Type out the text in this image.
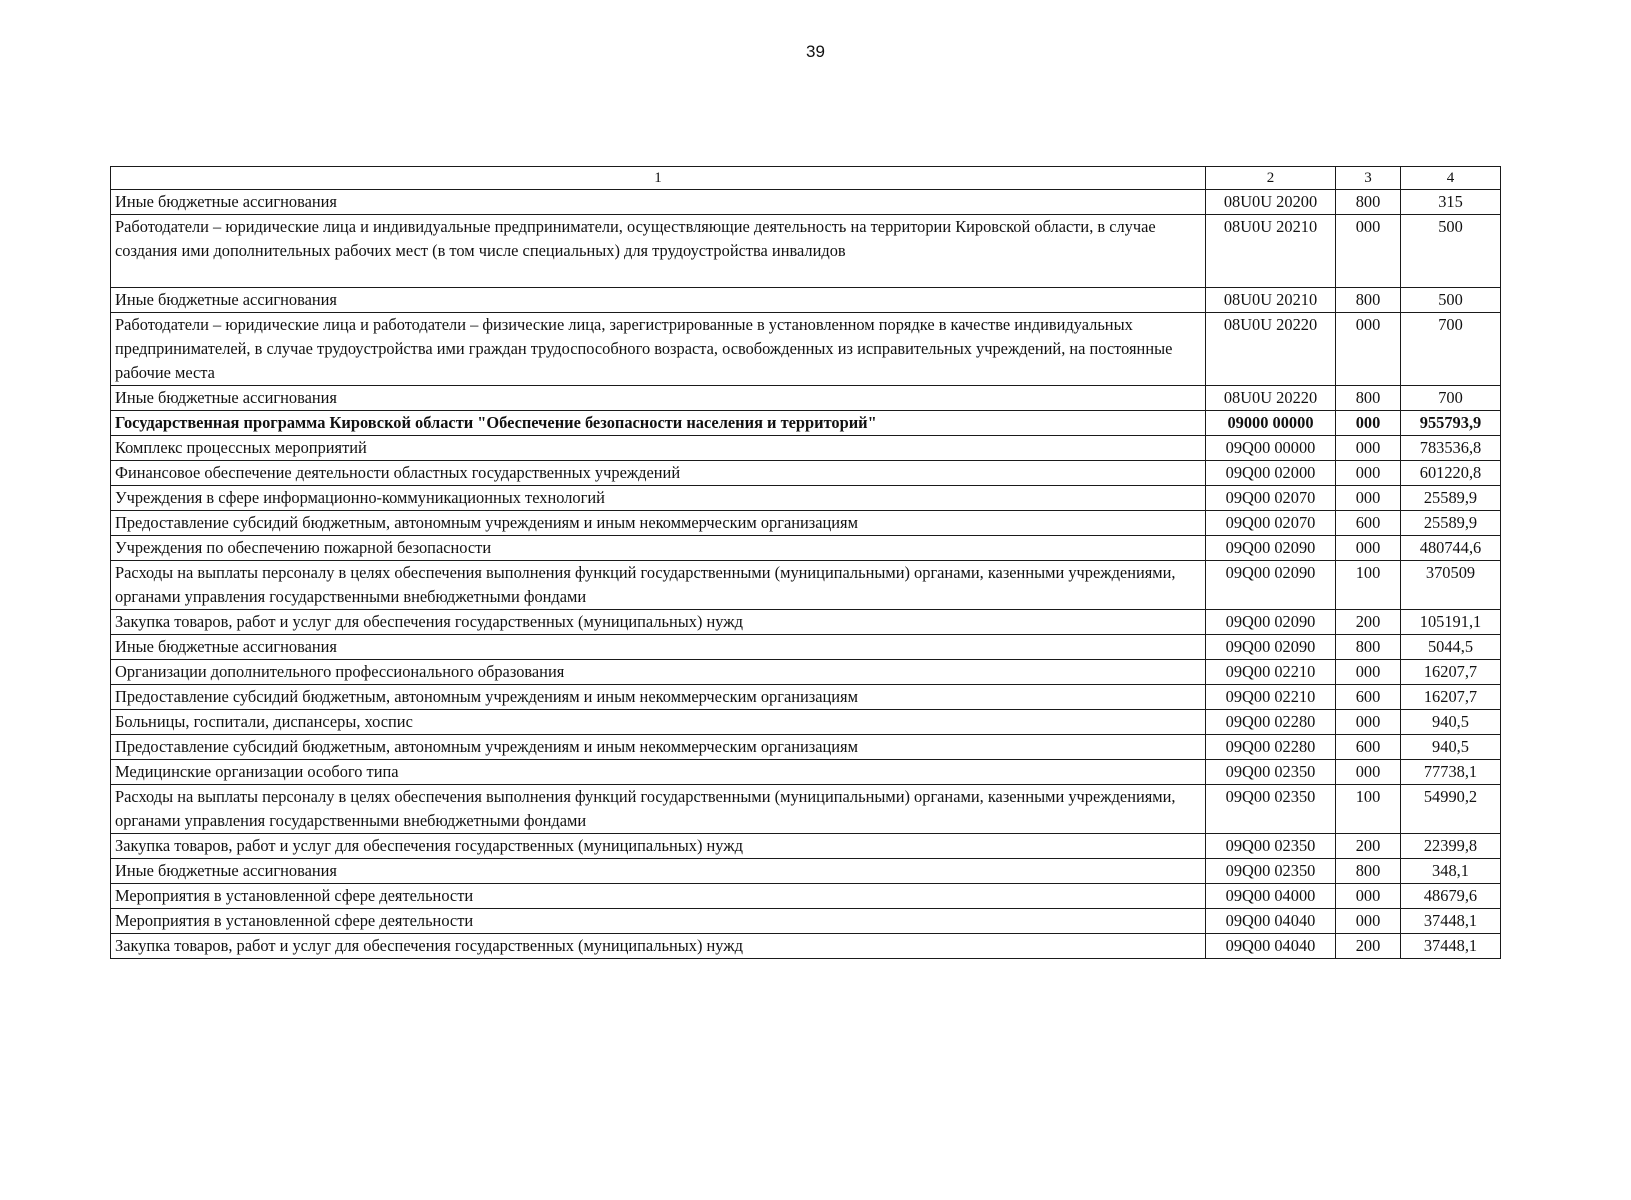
39
1	2	3	4
Иные бюджетные ассигнования	08U0U 20200	800	315
Работодатели – юридические лица и индивидуальные предприниматели, осуществляющие деятельность на территории Кировской области, в случае создания ими дополнительных рабочих мест (в том числе специальных) для трудоустройства инвалидов	08U0U 20210	000	500
Иные бюджетные ассигнования	08U0U 20210	800	500
Работодатели – юридические лица и работодатели – физические лица, зарегистрированные в установленном порядке в качестве индивидуальных предпринимателей, в случае трудоустройства ими граждан трудоспособного возраста, освобожденных из исправительных учреждений, на постоянные рабочие места	08U0U 20220	000	700
Иные бюджетные ассигнования	08U0U 20220	800	700
Государственная программа Кировской области "Обеспечение безопасности населения и территорий"	09000 00000	000	955793,9
Комплекс процессных мероприятий	09Q00 00000	000	783536,8
Финансовое обеспечение деятельности областных государственных учреждений	09Q00 02000	000	601220,8
Учреждения в сфере информационно-коммуникационных технологий	09Q00 02070	000	25589,9
Предоставление субсидий бюджетным, автономным учреждениям и иным некоммерческим организациям	09Q00 02070	600	25589,9
Учреждения по обеспечению пожарной безопасности	09Q00 02090	000	480744,6
Расходы на выплаты персоналу в целях обеспечения выполнения функций государственными (муниципальными) органами, казенными учреждениями, органами управления государственными внебюджетными фондами	09Q00 02090	100	370509
Закупка товаров, работ и услуг для обеспечения государственных (муниципальных) нужд	09Q00 02090	200	105191,1
Иные бюджетные ассигнования	09Q00 02090	800	5044,5
Организации дополнительного профессионального образования	09Q00 02210	000	16207,7
Предоставление субсидий бюджетным, автономным учреждениям и иным некоммерческим организациям	09Q00 02210	600	16207,7
Больницы, госпитали, диспансеры, хоспис	09Q00 02280	000	940,5
Предоставление субсидий бюджетным, автономным учреждениям и иным некоммерческим организациям	09Q00 02280	600	940,5
Медицинские организации особого типа	09Q00 02350	000	77738,1
Расходы на выплаты персоналу в целях обеспечения выполнения функций государственными (муниципальными) органами, казенными учреждениями, органами управления государственными внебюджетными фондами	09Q00 02350	100	54990,2
Закупка товаров, работ и услуг для обеспечения государственных (муниципальных) нужд	09Q00 02350	200	22399,8
Иные бюджетные ассигнования	09Q00 02350	800	348,1
Мероприятия в установленной сфере деятельности	09Q00 04000	000	48679,6
Мероприятия в установленной сфере деятельности	09Q00 04040	000	37448,1
Закупка товаров, работ и услуг для обеспечения государственных (муниципальных) нужд	09Q00 04040	200	37448,1
